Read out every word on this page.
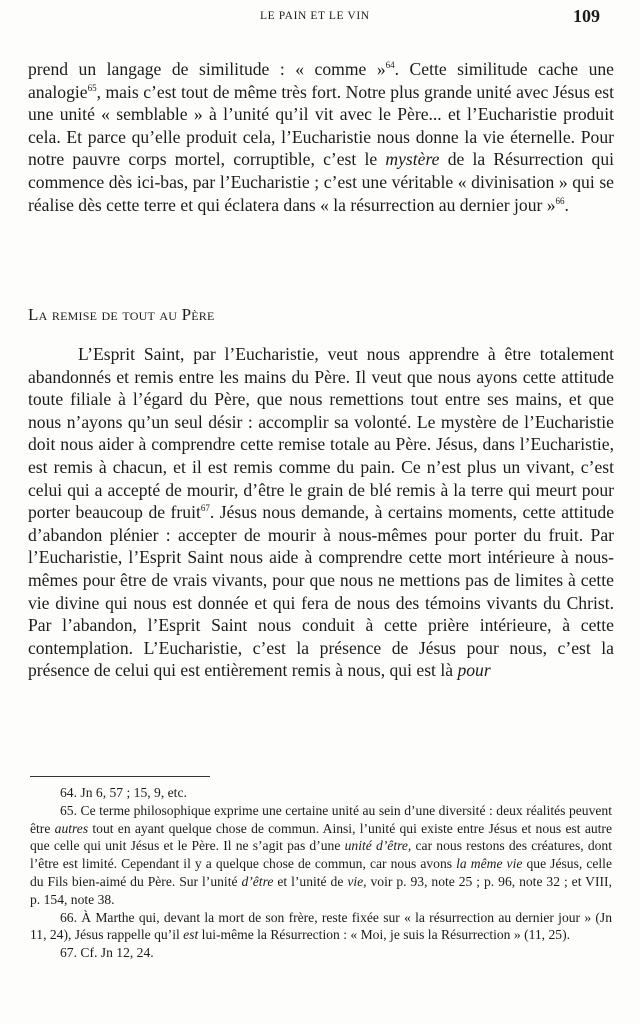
LE PAIN ET LE VIN	109

prend un langage de similitude : « comme »$^{64}$. Cette similitude cache une analogie$^{65}$, mais c’est tout de même très fort. Notre plus grande unité avec Jésus est une unité « semblable » à l’unité qu’il vit avec le Père... et l’Eucharistie produit cela. Et parce qu’elle produit cela, l’Eucharistie nous donne la vie éternelle. Pour notre pauvre corps mortel, corruptible, c’est le mystère de la Résurrection qui commence dès ici-bas, par l’Eucharistie ; c’est une véritable « divinisation » qui se réalise dès cette terre et qui éclatera dans « la résurrection au dernier jour »$^{66}$.

La remise de tout au Père

L’Esprit Saint, par l’Eucharistie, veut nous apprendre à être totalement abandonnés et remis entre les mains du Père. Il veut que nous ayons cette attitude toute filiale à l’égard du Père, que nous remettions tout entre ses mains, et que nous n’ayons qu’un seul désir : accomplir sa volonté. Le mystère de l’Eucharistie doit nous aider à comprendre cette remise totale au Père. Jésus, dans l’Eucharistie, est remis à chacun, et il est remis comme du pain. Ce n’est plus un vivant, c’est celui qui a accepté de mourir, d’être le grain de blé remis à la terre qui meurt pour porter beaucoup de fruit$^{67}$. Jésus nous demande, à certains moments, cette attitude d’abandon plénier : accepter de mourir à nous-mêmes pour porter du fruit. Par l’Eucharistie, l’Esprit Saint nous aide à comprendre cette mort intérieure à nous-mêmes pour être de vrais vivants, pour que nous ne mettions pas de limites à cette vie divine qui nous est donnée et qui fera de nous des témoins vivants du Christ. Par l’abandon, l’Esprit Saint nous conduit à cette prière intérieure, à cette contemplation. L’Eucharistie, c’est la présence de Jésus pour nous, c’est la présence de celui qui est entièrement remis à nous, qui est là pour

64. Jn 6, 57 ; 15, 9, etc.

65. Ce terme philosophique exprime une certaine unité au sein d’une diversité : deux réalités peuvent être autres tout en ayant quelque chose de commun. Ainsi, l’unité qui existe entre Jésus et nous est autre que celle qui unit Jésus et le Père. Il ne s’agit pas d’une unité d’être, car nous restons des créatures, dont l’être est limité. Cependant il y a quelque chose de commun, car nous avons la même vie que Jésus, celle du Fils bien-aimé du Père. Sur l’unité d’être et l’unité de vie, voir p. 93, note 25 ; p. 96, note 32 ; et VIII, p. 154, note 38.

66. À Marthe qui, devant la mort de son frère, reste fixée sur « la résurrection au dernier jour » (Jn 11, 24), Jésus rappelle qu’il est lui-même la Résurrection : « Moi, je suis la Résurrection » (11, 25).

67. Cf. Jn 12, 24.
